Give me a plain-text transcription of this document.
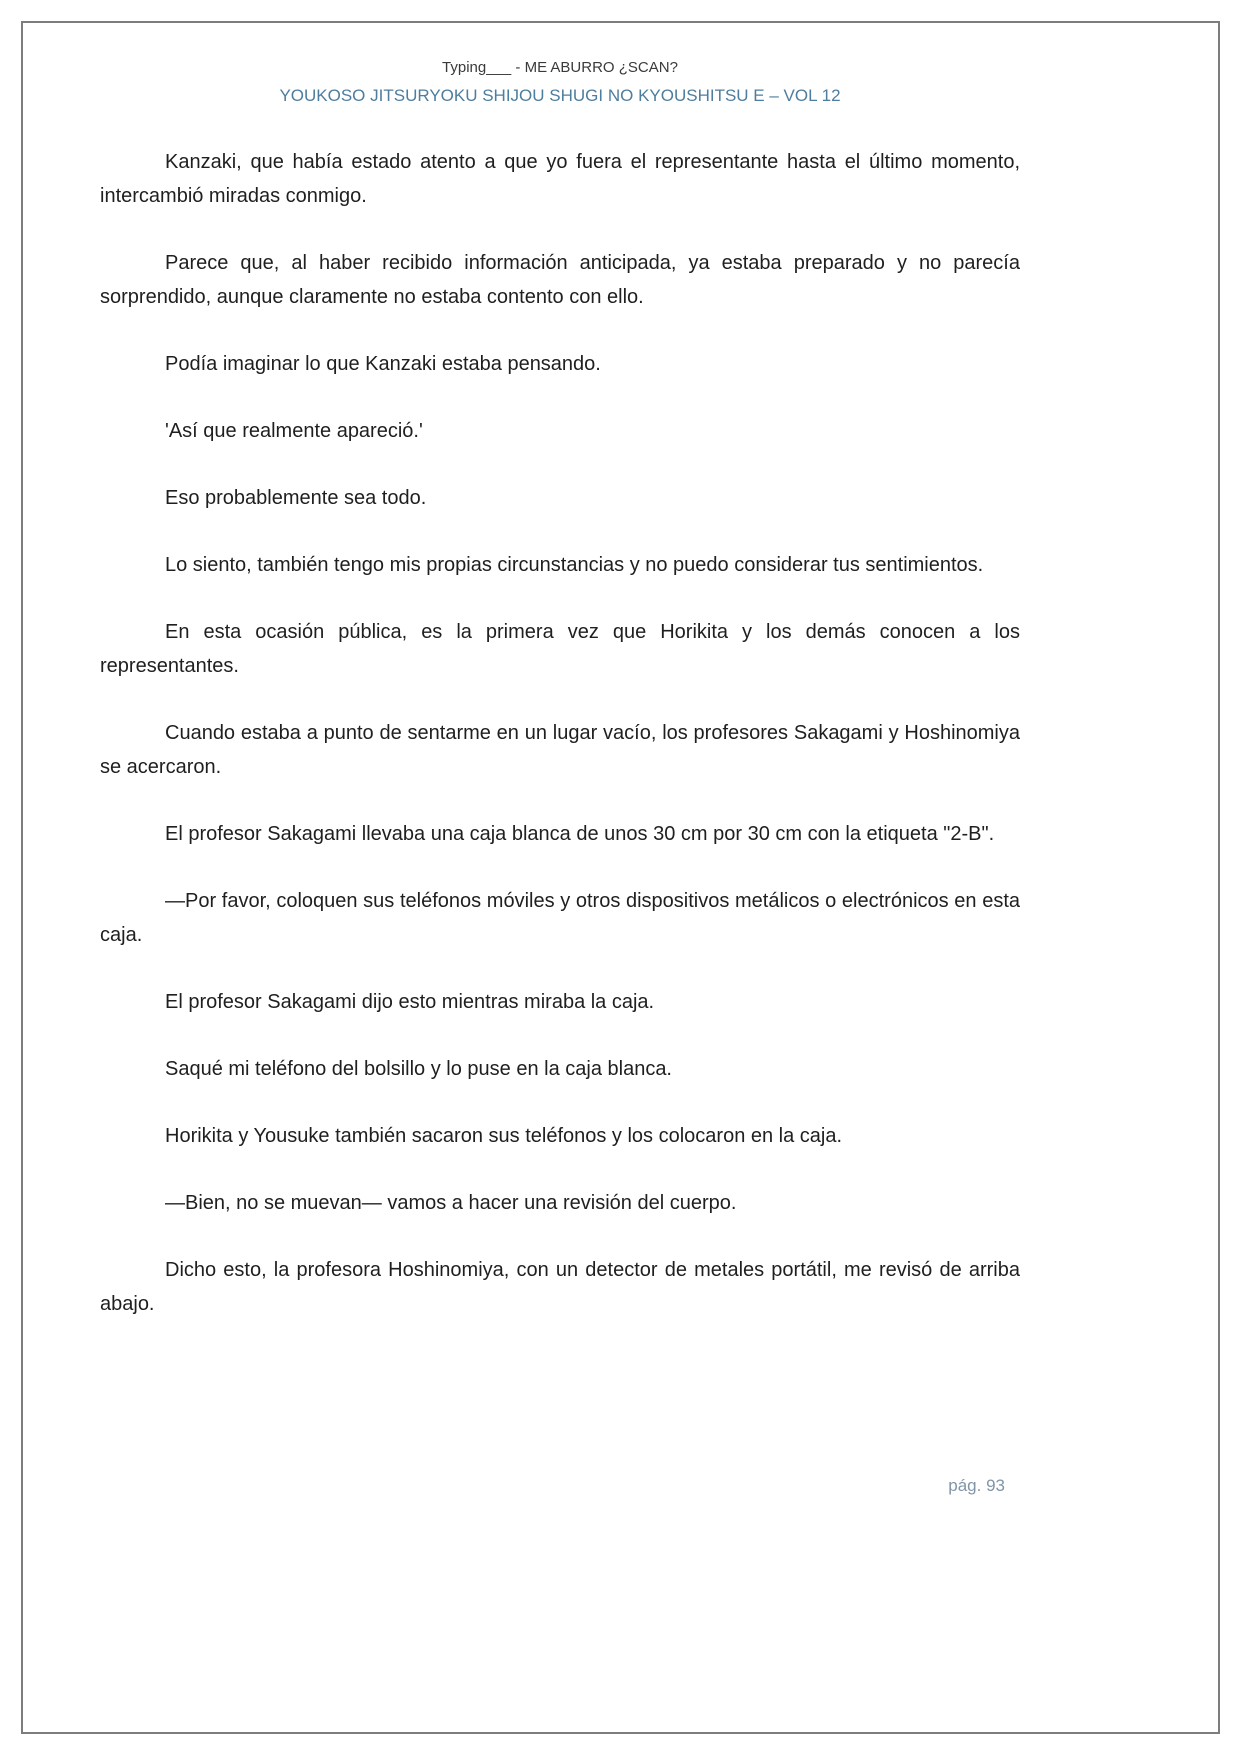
Typing___ - ME ABURRO ¿SCAN?
YOUKOSO JITSURYOKU SHIJOU SHUGI NO KYOUSHITSU E – VOL 12

Kanzaki, que había estado atento a que yo fuera el representante hasta el último momento, intercambió miradas conmigo.

Parece que, al haber recibido información anticipada, ya estaba preparado y no parecía sorprendido, aunque claramente no estaba contento con ello.

Podía imaginar lo que Kanzaki estaba pensando.

'Así que realmente apareció.'

Eso probablemente sea todo.

Lo siento, también tengo mis propias circunstancias y no puedo considerar tus sentimientos.

En esta ocasión pública, es la primera vez que Horikita y los demás conocen a los representantes.

Cuando estaba a punto de sentarme en un lugar vacío, los profesores Sakagami y Hoshinomiya se acercaron.

El profesor Sakagami llevaba una caja blanca de unos 30 cm por 30 cm con la etiqueta "2-B".

—Por favor, coloquen sus teléfonos móviles y otros dispositivos metálicos o electrónicos en esta caja.

El profesor Sakagami dijo esto mientras miraba la caja.

Saqué mi teléfono del bolsillo y lo puse en la caja blanca.

Horikita y Yousuke también sacaron sus teléfonos y los colocaron en la caja.

—Bien, no se muevan— vamos a hacer una revisión del cuerpo.

Dicho esto, la profesora Hoshinomiya, con un detector de metales portátil, me revisó de arriba abajo.

pág. 93
